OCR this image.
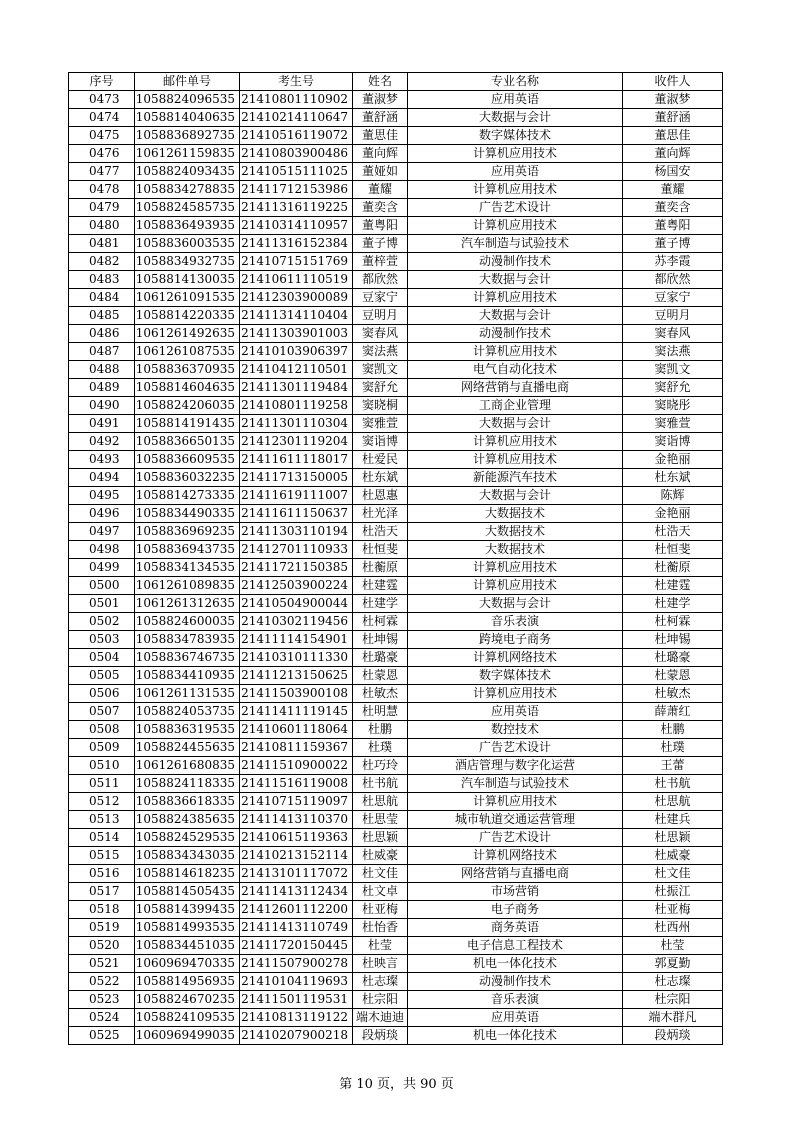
序号	邮件单号	考生号	姓名	专业名称	收件人
0473	1058824096535	21410801110902	董淑梦	应用英语	董淑梦
0474	1058814040635	21410214110647	董舒涵	大数据与会计	董舒涵
0475	1058836892735	21410516119072	董思佳	数字媒体技术	董思佳
0476	1061261159835	21410803900486	董向辉	计算机应用技术	董向辉
0477	1058824093435	21410515111025	董娅如	应用英语	杨国安
0478	1058834278835	21411712153986	董耀	计算机应用技术	董耀
0479	1058824585735	21411316119225	董奕含	广告艺术设计	董奕含
0480	1058836493935	21410314110957	董粤阳	计算机应用技术	董粤阳
0481	1058836003535	21411316152384	董子博	汽车制造与试验技术	董子博
0482	1058834932735	21410715151769	董梓萱	动漫制作技术	苏李霞
0483	1058814130035	21410611110519	都欣然	大数据与会计	都欣然
0484	1061261091535	21412303900089	豆家宁	计算机应用技术	豆家宁
0485	1058814220335	21411314110404	豆明月	大数据与会计	豆明月
0486	1061261492635	21411303901003	窦春风	动漫制作技术	窦春风
0487	1061261087535	21410103906397	窦法燕	计算机应用技术	窦法燕
0488	1058836370935	21410412110501	窦凯文	电气自动化技术	窦凯文
0489	1058814604635	21411301119484	窦舒允	网络营销与直播电商	窦舒允
0490	1058824206035	21410801119258	窦晓桐	工商企业管理	窦晓彤
0491	1058814191435	21411301110304	窦雅萱	大数据与会计	窦雅萱
0492	1058836650135	21412301119204	窦诣博	计算机应用技术	窦诣博
0493	1058836609535	21411611118017	杜爱民	计算机应用技术	金艳丽
0494	1058836032235	21411713150005	杜东斌	新能源汽车技术	杜东斌
0495	1058814273335	21411619111007	杜恩惠	大数据与会计	陈辉
0496	1058834490335	21411611150637	杜光泽	大数据技术	金艳丽
0497	1058836969235	21411303110194	杜浩天	大数据技术	杜浩天
0498	1058836943735	21412701110933	杜恒斐	大数据技术	杜恒斐
0499	1058834134535	21411721150385	杜蘅原	计算机应用技术	杜蘅原
0500	1061261089835	21412503900224	杜建霆	计算机应用技术	杜建霆
0501	1061261312635	21410504900044	杜建学	大数据与会计	杜建学
0502	1058824600035	21410302119456	杜柯霖	音乐表演	杜柯霖
0503	1058834783935	21411114154901	杜坤锡	跨境电子商务	杜坤锡
0504	1058836746735	21410310111330	杜璐豪	计算机网络技术	杜璐豪
0505	1058834410935	21411213150625	杜蒙恩	数字媒体技术	杜蒙恩
0506	1061261131535	21411503900108	杜敏杰	计算机应用技术	杜敏杰
0507	1058824053735	21411411119145	杜明慧	应用英语	薛萧红
0508	1058836319535	21410601118064	杜鹏	数控技术	杜鹏
0509	1058824455635	21410811159367	杜璞	广告艺术设计	杜璞
0510	1061261680835	21411510900022	杜巧玲	酒店管理与数字化运营	王蕾
0511	1058824118335	21411516119008	杜书航	汽车制造与试验技术	杜书航
0512	1058836618335	21410715119097	杜思航	计算机应用技术	杜思航
0513	1058824385635	21411413110370	杜思莹	城市轨道交通运营管理	杜建兵
0514	1058824529535	21410615119363	杜思颖	广告艺术设计	杜思颖
0515	1058834343035	21410213152114	杜威豪	计算机网络技术	杜威豪
0516	1058814618235	21413101117072	杜文佳	网络营销与直播电商	杜文佳
0517	1058814505435	21411413112434	杜文卓	市场营销	杜振江
0518	1058814399435	21412601112200	杜亚梅	电子商务	杜亚梅
0519	1058814993535	21411413110749	杜怡香	商务英语	杜西州
0520	1058834451035	21411720150445	杜莹	电子信息工程技术	杜莹
0521	1060969470335	21411507900278	杜映言	机电一体化技术	郭夏勤
0522	1058814956935	21410104119693	杜志璨	动漫制作技术	杜志璨
0523	1058824670235	21411501119531	杜宗阳	音乐表演	杜宗阳
0524	1058824109535	21410813119122	端木迪迪	应用英语	端木群凡
0525	1060969499035	21410207900218	段炳琰	机电一体化技术	段炳琰
第 10 页，共 90 页
